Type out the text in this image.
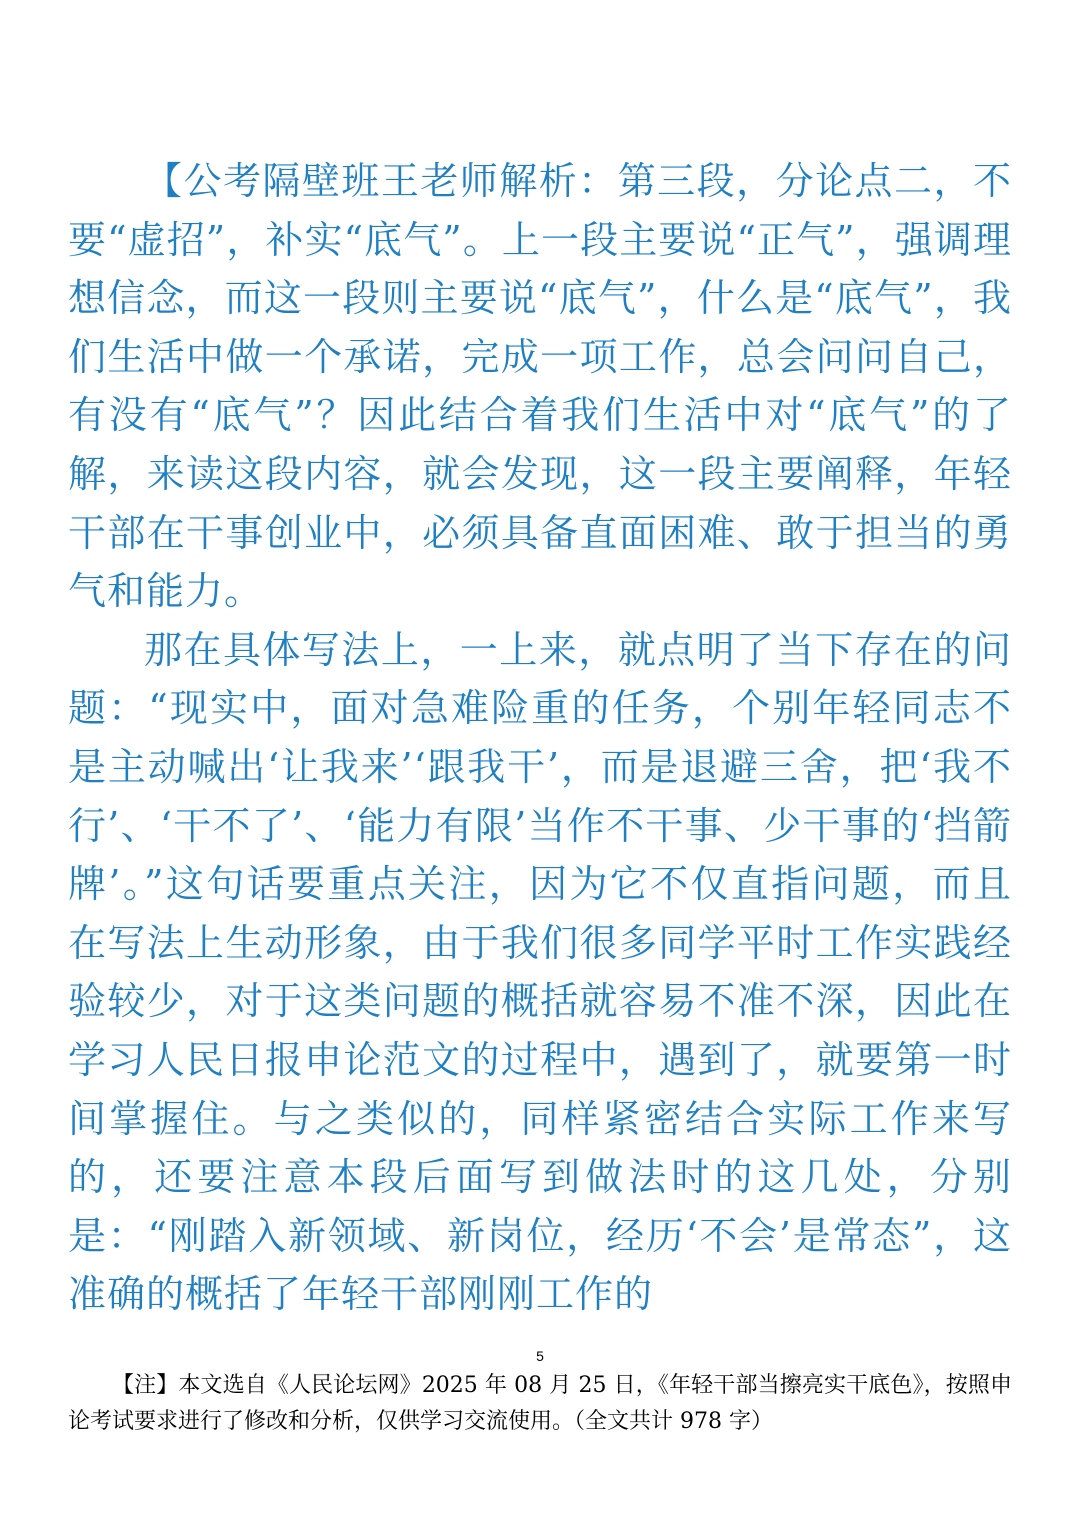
【公考隔壁班王老师解析：第三段，分论点二，不要“虚招”，补实“底气”。上一段主要说“正气”，强调理想信念，而这一段则主要说“底气”，什么是“底气”，我们生活中做一个承诺，完成一项工作，总会问问自己，有没有“底气”？因此结合着我们生活中对“底气”的了解，来读这段内容，就会发现，这一段主要阐释，年轻干部在干事创业中，必须具备直面困难、敢于担当的勇气和能力。

那在具体写法上，一上来，就点明了当下存在的问题：“现实中，面对急难险重的任务，个别年轻同志不是主动喊出‘让我来’‘跟我干’，而是退避三舍，把‘我不行’、‘干不了’、‘能力有限’当作不干事、少干事的‘挡箭牌’。”这句话要重点关注，因为它不仅直指问题，而且在写法上生动形象，由于我们很多同学平时工作实践经验较少，对于这类问题的概括就容易不准不深，因此在学习人民日报申论范文的过程中，遇到了，就要第一时间掌握住。与之类似的，同样紧密结合实际工作来写的，还要注意本段后面写到做法时的这几处，分别是：“刚踏入新领域、新岗位，经历‘不会’是常态”，这准确的概括了年轻干部刚刚工作的

5

【注】本文选自《人民论坛网》2025 年 08 月 25 日，《年轻干部当擦亮实干底色》，按照申论考试要求进行了修改和分析，仅供学习交流使用。（全文共计 978 字）
